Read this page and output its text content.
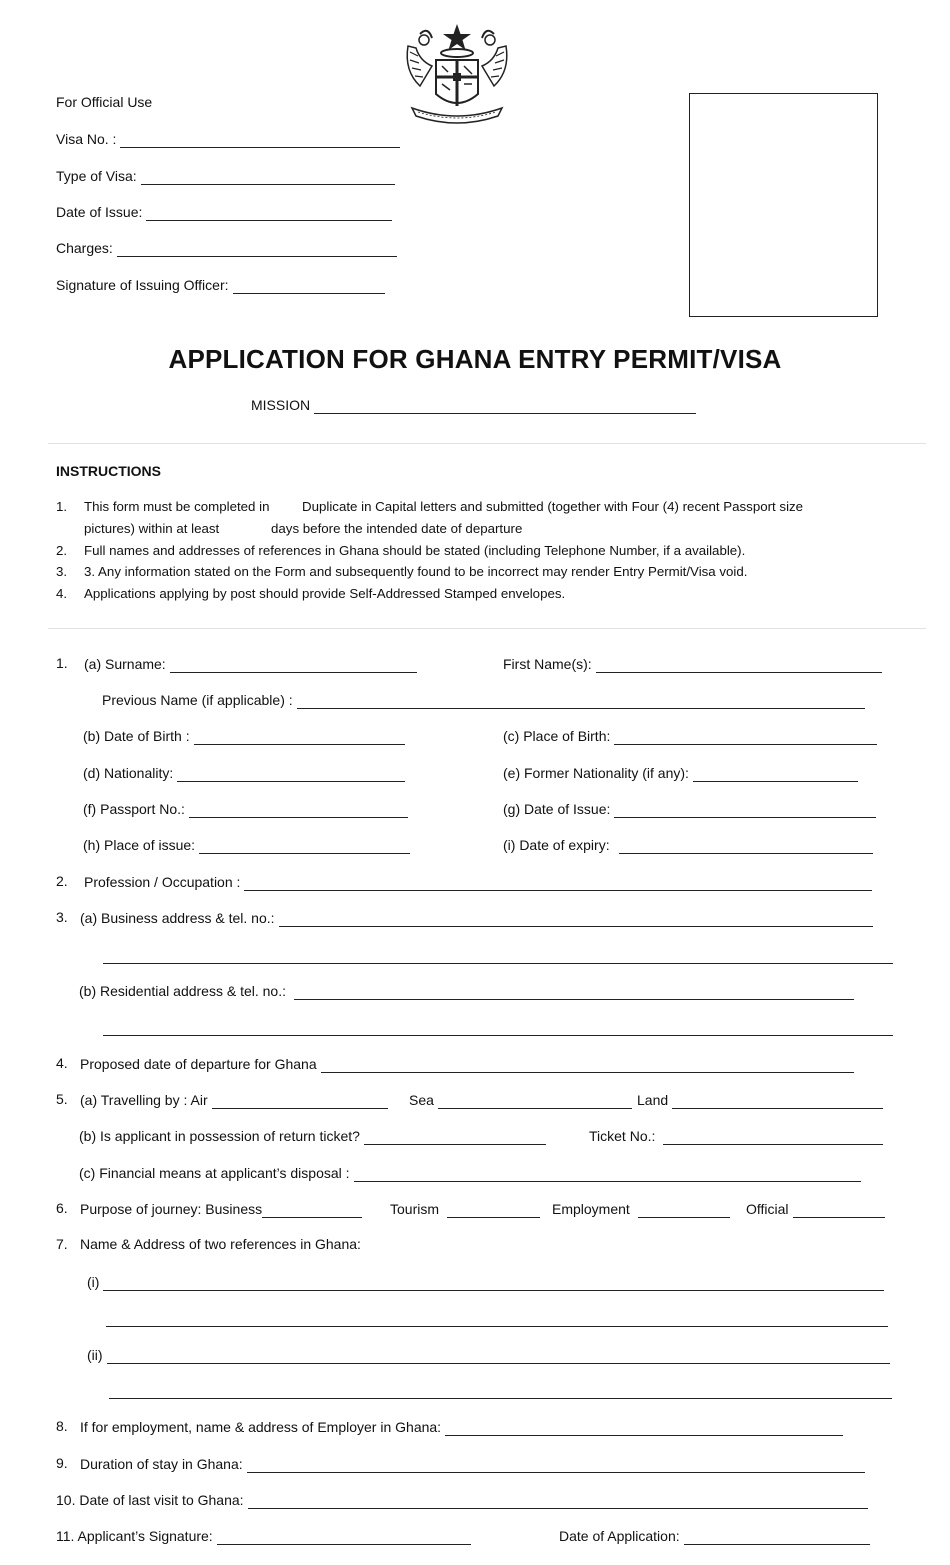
For Official Use
Visa No. :
Type of Visa:
Date of Issue:
Charges:
Signature of Issuing Officer:
APPLICATION FOR GHANA ENTRY PERMIT/VISA
MISSION
INSTRUCTIONS
1. This form must be completed in Duplicate in Capital letters and submitted (together with Four (4) recent Passport size
pictures) within at least	days before the intended date of departure
2. Full names and addresses of references in Ghana should be stated (including Telephone Number, if a available).
3. 3. Any information stated on the Form and subsequently found to be incorrect may render Entry Permit/Visa void.
4. Applications applying by post should provide Self-Addressed Stamped envelopes.
1. (a) Surname:	First Name(s):
Previous Name (if applicable) :
(b) Date of Birth :	(c) Place of Birth:
(d) Nationality:	(e) Former Nationality (if any):
(f) Passport No.:	(g) Date of Issue:
(h) Place of issue:	(i) Date of expiry:
2. Profession / Occupation :
3. (a) Business address & tel. no.:
(b) Residential address & tel. no.:
4. Proposed date of departure for Ghana
5. (a) Travelling by : Air	Sea	Land
(b) Is applicant in possession of return ticket?	Ticket No.:
(c) Financial means at applicant’s disposal :
6. Purpose of journey: Business	Tourism	Employment	Official
7. Name & Address of two references in Ghana:
(i)
(ii)
8. If for employment, name & address of Employer in Ghana:
9. Duration of stay in Ghana:
10. Date of last visit to Ghana:
11. Applicant’s Signature:	Date of Application:
